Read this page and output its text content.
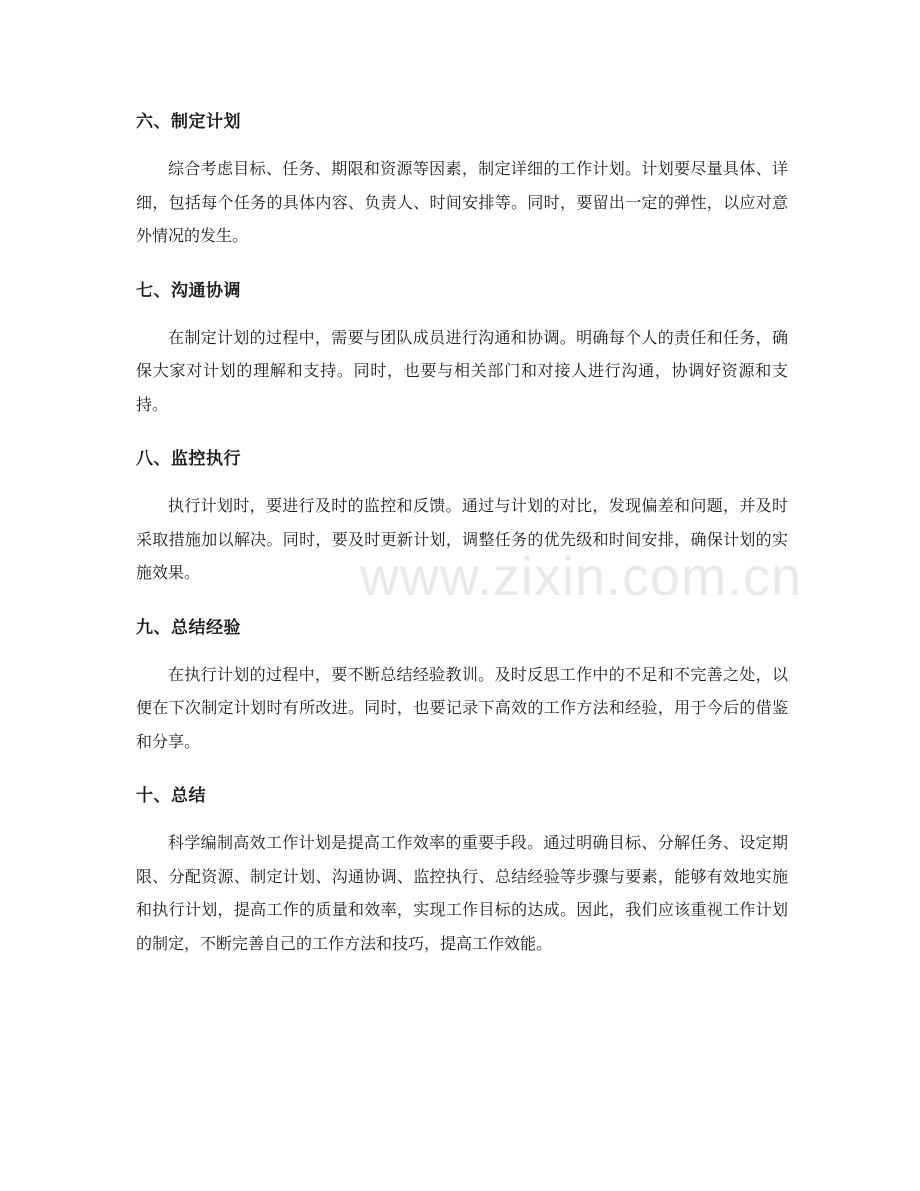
六、制定计划

综合考虑目标、任务、期限和资源等因素，制定详细的工作计划。计划要尽量具体、详细，包括每个任务的具体内容、负责人、时间安排等。同时，要留出一定的弹性，以应对意外情况的发生。

七、沟通协调

在制定计划的过程中，需要与团队成员进行沟通和协调。明确每个人的责任和任务，确保大家对计划的理解和支持。同时，也要与相关部门和对接人进行沟通，协调好资源和支持。

八、监控执行

执行计划时，要进行及时的监控和反馈。通过与计划的对比，发现偏差和问题，并及时采取措施加以解决。同时，要及时更新计划，调整任务的优先级和时间安排，确保计划的实施效果。

九、总结经验

在执行计划的过程中，要不断总结经验教训。及时反思工作中的不足和不完善之处，以便在下次制定计划时有所改进。同时，也要记录下高效的工作方法和经验，用于今后的借鉴和分享。

十、总结

科学编制高效工作计划是提高工作效率的重要手段。通过明确目标、分解任务、设定期限、分配资源、制定计划、沟通协调、监控执行、总结经验等步骤与要素，能够有效地实施和执行计划，提高工作的质量和效率，实现工作目标的达成。因此，我们应该重视工作计划的制定，不断完善自己的工作方法和技巧，提高工作效能。

www.zixin.com.cn
